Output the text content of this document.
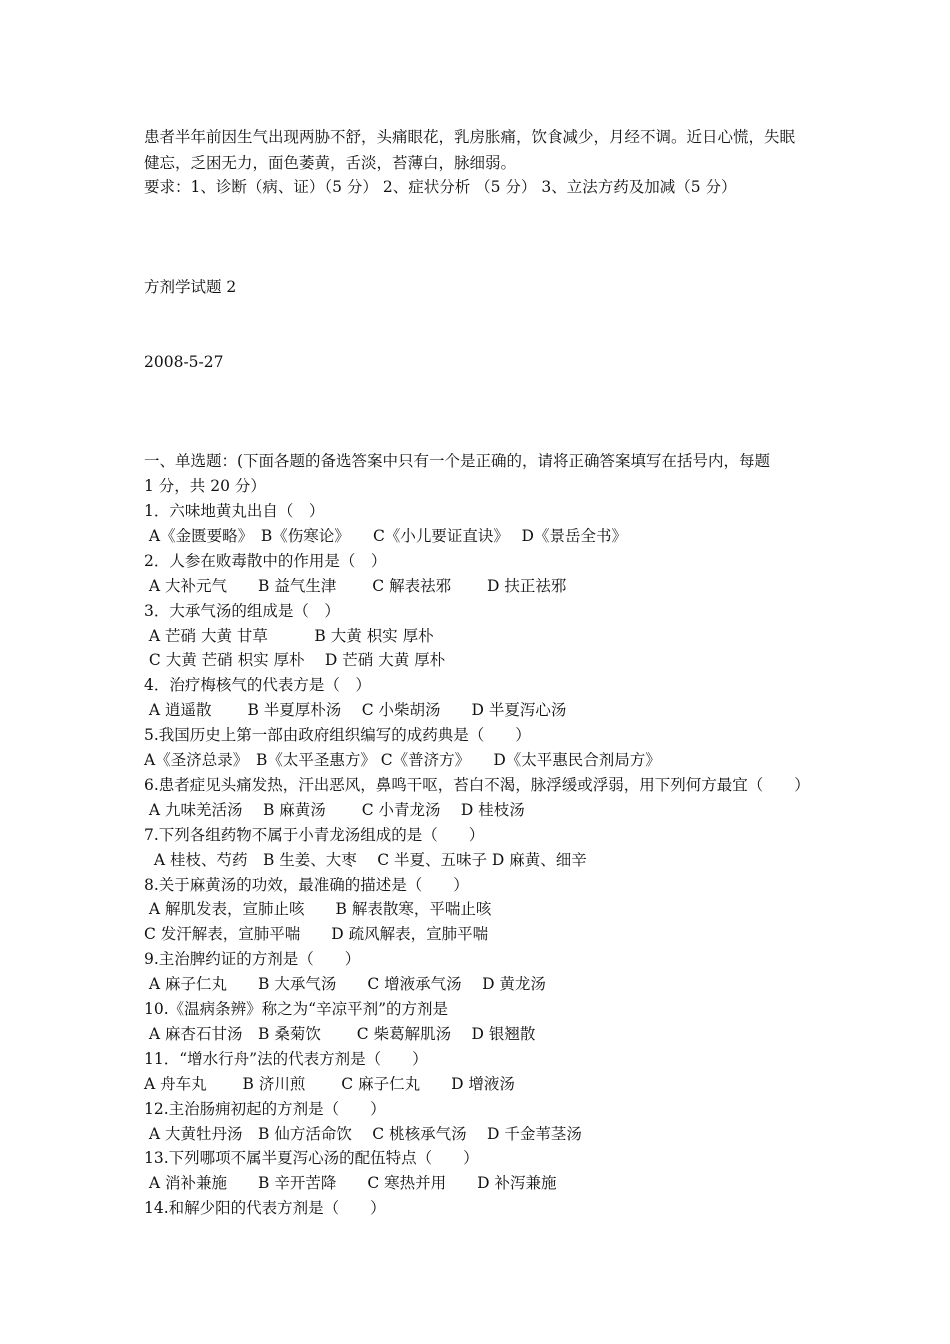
患者半年前因生气出现两胁不舒，头痛眼花，乳房胀痛，饮食减少，月经不调。近日心慌，失眠
健忘，乏困无力，面色萎黄，舌淡，苔薄白，脉细弱。
要求：1、诊断（病、证）（5 分） 2、症状分析 （5 分） 3、立法方药及加减（5 分）
方剂学试题 2
2008-5-27
一、单选题：(下面各题的备选答案中只有一个是正确的，请将正确答案填写在括号内，每题
1 分，共 20 分）
1．六味地黄丸出自（　）
A《金匮要略》　B《伤寒论》　　C《小儿要证直诀》　 D《景岳全书》
2．人参在败毒散中的作用是（　）
A 大补元气　　B 益气生津　　 C 解表祛邪　　 D 扶正祛邪
3．大承气汤的组成是（　）
A 芒硝 大黄 甘草　　　B 大黄 枳实 厚朴
C 大黄 芒硝 枳实 厚朴　 D 芒硝 大黄 厚朴
4．治疗梅核气的代表方是（　）
A 逍遥散　　 B 半夏厚朴汤　 C 小柴胡汤　　D 半夏泻心汤
5.我国历史上第一部由政府组织编写的成药典是（　　）
A《圣济总录》　B《太平圣惠方》 C《普济方》　　D《太平惠民合剂局方》
6.患者症见头痛发热，汗出恶风，鼻鸣干呕，苔白不渴，脉浮缓或浮弱，用下列何方最宜（　　）
A 九味羌活汤　 B 麻黄汤　　 C 小青龙汤　 D 桂枝汤
7.下列各组药物不属于小青龙汤组成的是（　　）
A 桂枝、芍药　B 生姜、大枣　 C 半夏、五味子 D 麻黄、细辛
8.关于麻黄汤的功效，最准确的描述是（　　）
A 解肌发表，宣肺止咳　　B 解表散寒，平喘止咳
C 发汗解表，宣肺平喘　　D 疏风解表，宣肺平喘
9.主治脾约证的方剂是（　　）
A 麻子仁丸　　B 大承气汤　　C 增液承气汤　 D 黄龙汤
10.《温病条辨》称之为“辛凉平剂”的方剂是
A 麻杏石甘汤　B 桑菊饮　　 C 柴葛解肌汤　 D 银翘散
11．“增水行舟”法的代表方剂是（　　）
A 舟车丸　　 B 济川煎　　 C 麻子仁丸　　D 增液汤
12.主治肠痈初起的方剂是（　　）
A 大黄牡丹汤　B 仙方活命饮　 C 桃核承气汤　 D 千金苇茎汤
13.下列哪项不属半夏泻心汤的配伍特点（　　）
A 消补兼施　　B 辛开苦降　　C 寒热并用　　D 补泻兼施
14.和解少阳的代表方剂是（　　）
